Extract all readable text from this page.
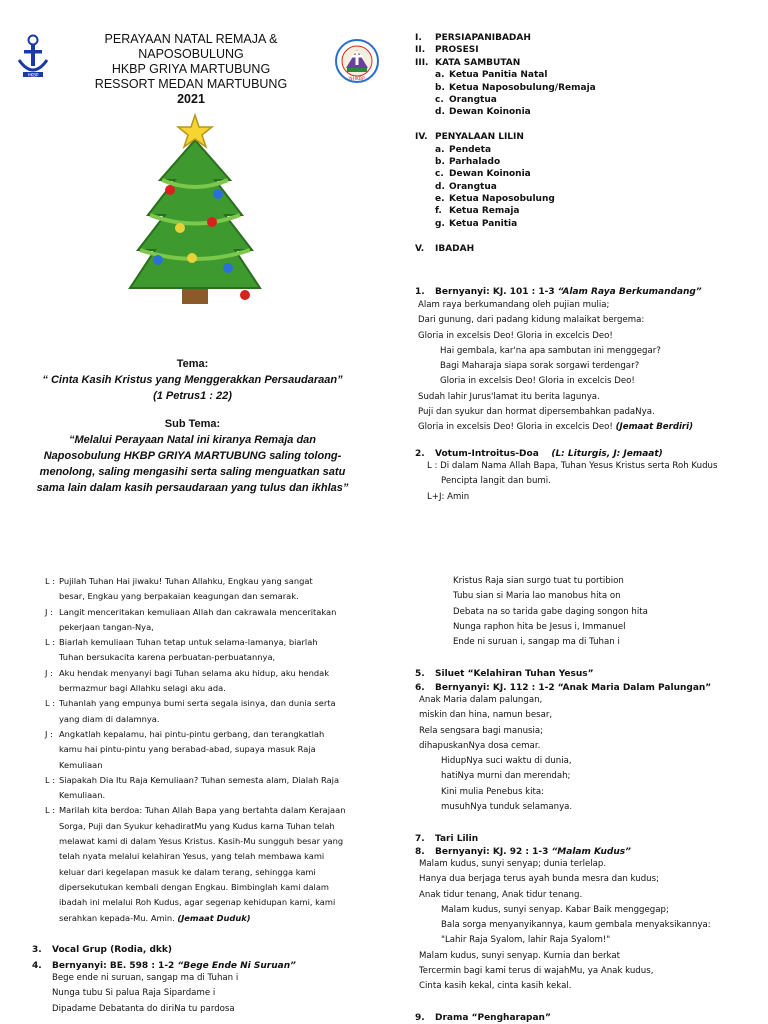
HKBP
PERAYAAN NATAL REMAJA & NAPOSOBULUNG
HKBP GRIYA MARTUBUNG
RESSORT MEDAN MARTUBUNG
2021
NHKBP
Tema:
“ Cinta Kasih Kristus yang Menggerakkan Persaudaraan”
(1 Petrus1 : 22)
Sub Tema:
“Melalui Perayaan Natal ini kiranya Remaja dan
Naposobulung HKBP GRIYA MARTUBUNG saling tolong-
menolong, saling mengasihi serta saling menguatkan satu
sama lain dalam kasih persaudaraan yang tulus dan ikhlas”
I.	PERSIAPANIBADAH
II.	PROSESI
III. KATA SAMBUTAN
a. Ketua Panitia Natal
b. Ketua Naposobulung/Remaja
c. Orangtua
d. Dewan Koinonia
IV. PENYALAAN LILIN
a. Pendeta
b. Parhalado
c. Dewan Koinonia
d. Orangtua
e. Ketua Naposobulung
f. Ketua Remaja
g. Ketua Panitia
V.	IBADAH
1. Bernyanyi: KJ. 101 : 1-3 “Alam Raya Berkumandang”
Alam raya berkumandang oleh pujian mulia;
Dari gunung, dari padang kidung malaikat bergema:
Gloria in excelsis Deo! Gloria in excelcis Deo!
Hai gembala, kar'na apa sambutan ini menggegar?
Bagi Maharaja siapa sorak sorgawi terdengar?
Gloria in excelsis Deo! Gloria in excelcis Deo!
Sudah lahir Jurus'lamat itu berita lagunya.
Puji dan syukur dan hormat dipersembahkan padaNya.
Gloria in excelsis Deo! Gloria in excelcis Deo! (Jemaat Berdiri)
2. Votum-Introitus-Doa (L: Liturgis, J: Jemaat)
L : Di dalam Nama Allah Bapa, Tuhan Yesus Kristus serta Roh Kudus
Pencipta langit dan bumi.
L+J: Amin
L : Pujilah Tuhan Hai jiwaku! Tuhan Allahku, Engkau yang sangat
besar, Engkau yang berpakaian keagungan dan semarak.
J : Langit menceritakan kemuliaan Allah dan cakrawala menceritakan
pekerjaan tangan-Nya,
L : Biarlah kemuliaan Tuhan tetap untuk selama-lamanya, biarlah
Tuhan bersukacita karena perbuatan-perbuatannya,
J : Aku hendak menyanyi bagi Tuhan selama aku hidup, aku hendak
bermazmur bagi Allahku selagi aku ada.
L : Tuhanlah yang empunya bumi serta segala isinya, dan dunia serta
yang diam di dalamnya.
J : Angkatlah kepalamu, hai pintu-pintu gerbang, dan terangkatlah
kamu hai pintu-pintu yang berabad-abad, supaya masuk Raja
Kemuliaan
L : Siapakah Dia Itu Raja Kemuliaan? Tuhan semesta alam, Dialah Raja
Kemuliaan.
L : Marilah kita berdoa: Tuhan Allah Bapa yang bertahta dalam Kerajaan
Sorga, Puji dan Syukur kehadiratMu yang Kudus karna Tuhan telah
melawat kami di dalam Yesus Kristus. Kasih-Mu sungguh besar yang
telah nyata melalui kelahiran Yesus, yang telah membawa kami
keluar dari kegelapan masuk ke dalam terang, sehingga kami
dipersekutukan kembali dengan Engkau. Bimbinglah kami dalam
ibadah ini melalui Roh Kudus, agar segenap kehidupan kami, kami
serahkan kepada-Mu. Amin. (Jemaat Duduk)
3. Vocal Grup (Rodia, dkk)
4. Bernyanyi: BE. 598 : 1-2 “Bege Ende Ni Suruan”
Bege ende ni suruan, sangap ma di Tuhan i
Nunga tubu Si palua Raja Sipardame i
Dipadame Debatanta do diriNa tu pardosa
Kristus Raja sian surgo tuat tu portibion
Tubu sian si Maria lao manobus hita on
Debata na so tarida gabe daging songon hita
Nunga raphon hita be Jesus i, Immanuel
Ende ni suruan i, sangap ma di Tuhan i
5. Siluet “Kelahiran Tuhan Yesus”
6. Bernyanyi: KJ. 112 : 1-2 “Anak Maria Dalam Palungan”
Anak Maria dalam palungan,
miskin dan hina, namun besar,
Rela sengsara bagi manusia;
dihapuskanNya dosa cemar.
HidupNya suci waktu di dunia,
hatiNya murni dan merendah;
Kini mulia Penebus kita:
musuhNya tunduk selamanya.
7. Tari Lilin
8. Bernyanyi: KJ. 92 : 1-3 “Malam Kudus”
Malam kudus, sunyi senyap; dunia terlelap.
Hanya dua berjaga terus ayah bunda mesra dan kudus;
Anak tidur tenang, Anak tidur tenang.
Malam kudus, sunyi senyap. Kabar Baik menggegap;
Bala sorga menyanyikannya, kaum gembala menyaksikannya:
"Lahir Raja Syalom, lahir Raja Syalom!"
Malam kudus, sunyi senyap. Kurnia dan berkat
Tercermin bagi kami terus di wajahMu, ya Anak kudus,
Cinta kasih kekal, cinta kasih kekal.
9. Drama “Pengharapan”
